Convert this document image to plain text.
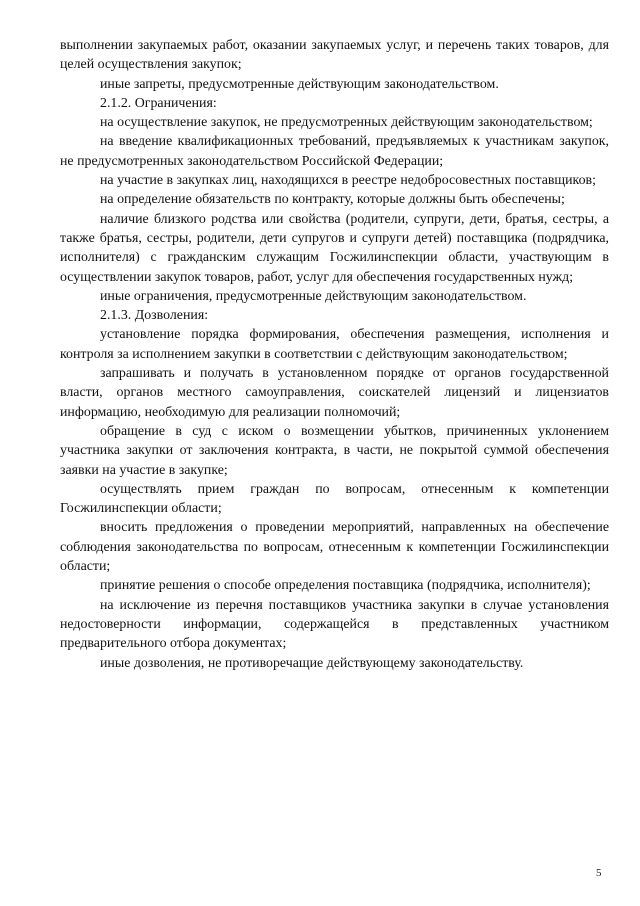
выполнении закупаемых работ, оказании закупаемых услуг, и перечень таких товаров, для целей осуществления закупок;

иные запреты, предусмотренные действующим законодательством.

2.1.2. Ограничения:

на осуществление закупок, не предусмотренных действующим законодательством;

на введение квалификационных требований, предъявляемых к участникам закупок, не предусмотренных законодательством Российской Федерации;

на участие в закупках лиц, находящихся в реестре недобросовестных поставщиков;

на определение обязательств по контракту, которые должны быть обеспечены;

наличие близкого родства или свойства (родители, супруги, дети, братья, сестры, а также братья, сестры, родители, дети супругов и супруги детей) поставщика (подрядчика, исполнителя) с гражданским служащим Госжилинспекции области, участвующим в осуществлении закупок товаров, работ, услуг для обеспечения государственных нужд;

иные ограничения, предусмотренные действующим законодательством.

2.1.3. Дозволения:

установление порядка формирования, обеспечения размещения, исполнения и контроля за исполнением закупки в соответствии с действующим законодательством;

запрашивать и получать в установленном порядке от органов государственной власти, органов местного самоуправления, соискателей лицензий и лицензиатов информацию, необходимую для реализации полномочий;

обращение в суд с иском о возмещении убытков, причиненных уклонением участника закупки от заключения контракта, в части, не покрытой суммой обеспечения заявки на участие в закупке;

осуществлять прием граждан по вопросам, отнесенным к компетенции Госжилинспекции области;

вносить предложения о проведении мероприятий, направленных на обеспечение соблюдения законодательства по вопросам, отнесенным к компетенции Госжилинспекции области;

принятие решения о способе определения поставщика (подрядчика, исполнителя);

на исключение из перечня поставщиков участника закупки в случае установления недостоверности информации, содержащейся в представленных участником предварительного отбора документах;

иные дозволения, не противоречащие действующему законодательству.

5
